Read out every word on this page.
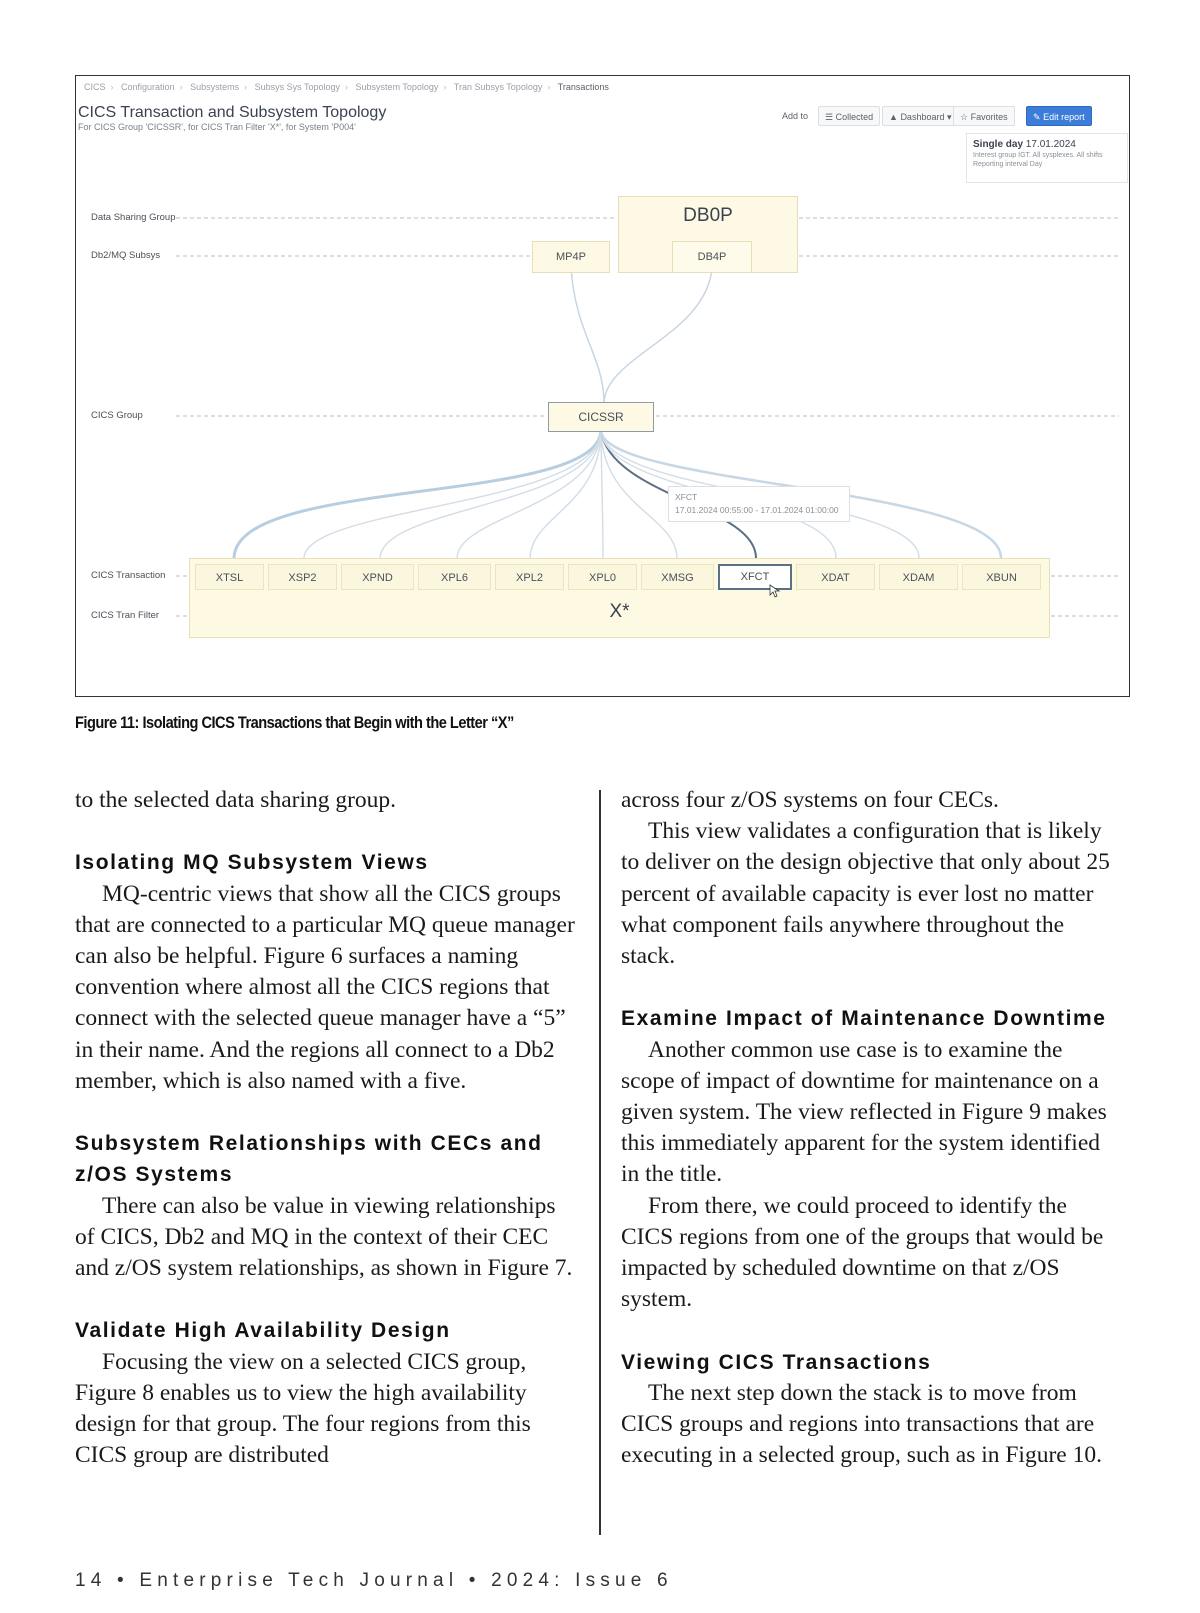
CICS › Configuration › Subsystems › Subsys Sys Topology › Subsystem Topology › Tran Subsys Topology › Transactions
CICS Transaction and Subsystem Topology
For CICS Group 'CICSSR', for CICS Tran Filter 'X*', for System 'P004'
Add to	☰ Collected	▲ Dashboard ▾ ☆ Favorites	✎ Edit report
Single day 17.01.2024
Interest group IGT. All sysplexes. All shifts
Reporting interval Day
Data Sharing Group
Db2/MQ Subsys
CICS Group
CICS Transaction
CICS Tran Filter
DB0P
MP4P	DB4P
CICSSR
XFCT
17.01.2024 00:55:00 - 17.01.2024 01:00:00
XTSL	XSP2	XPND	XPL6	XPL2	XPL0	XMSG	XFCT	XDAT	XDAM	XBUN
X*
Figure 11: Isolating CICS Transactions that Begin with the Letter “X”

to the selected data sharing group.

Isolating MQ Subsystem Views

MQ-centric views that show all the CICS groups that are connected to a particular MQ queue manager can also be helpful. Figure 6 surfaces a naming convention where almost all the CICS regions that connect with the selected queue manager have a “5” in their name. And the regions all connect to a Db2 member, which is also named with a five.

Subsystem Relationships with CECs and z/OS Systems

There can also be value in viewing relationships of CICS, Db2 and MQ in the context of their CEC and z/OS system relationships, as shown in Figure 7.

Validate High Availability Design

Focusing the view on a selected CICS group, Figure 8 enables us to view the high availability design for that group. The four regions from this CICS group are distributed

across four z/OS systems on four CECs.

This view validates a configuration that is likely to deliver on the design objective that only about 25 percent of available capacity is ever lost no matter what component fails anywhere throughout the stack.

Examine Impact of Maintenance Downtime

Another common use case is to examine the scope of impact of downtime for maintenance on a given system. The view reflected in Figure 9 makes this immediately apparent for the system identified in the title.

From there, we could proceed to identify the CICS regions from one of the groups that would be impacted by scheduled downtime on that z/OS system.

Viewing CICS Transactions

The next step down the stack is to move from CICS groups and regions into transactions that are executing in a selected group, such as in Figure 10.

14 • Enterprise Tech Journal • 2024: Issue 6
